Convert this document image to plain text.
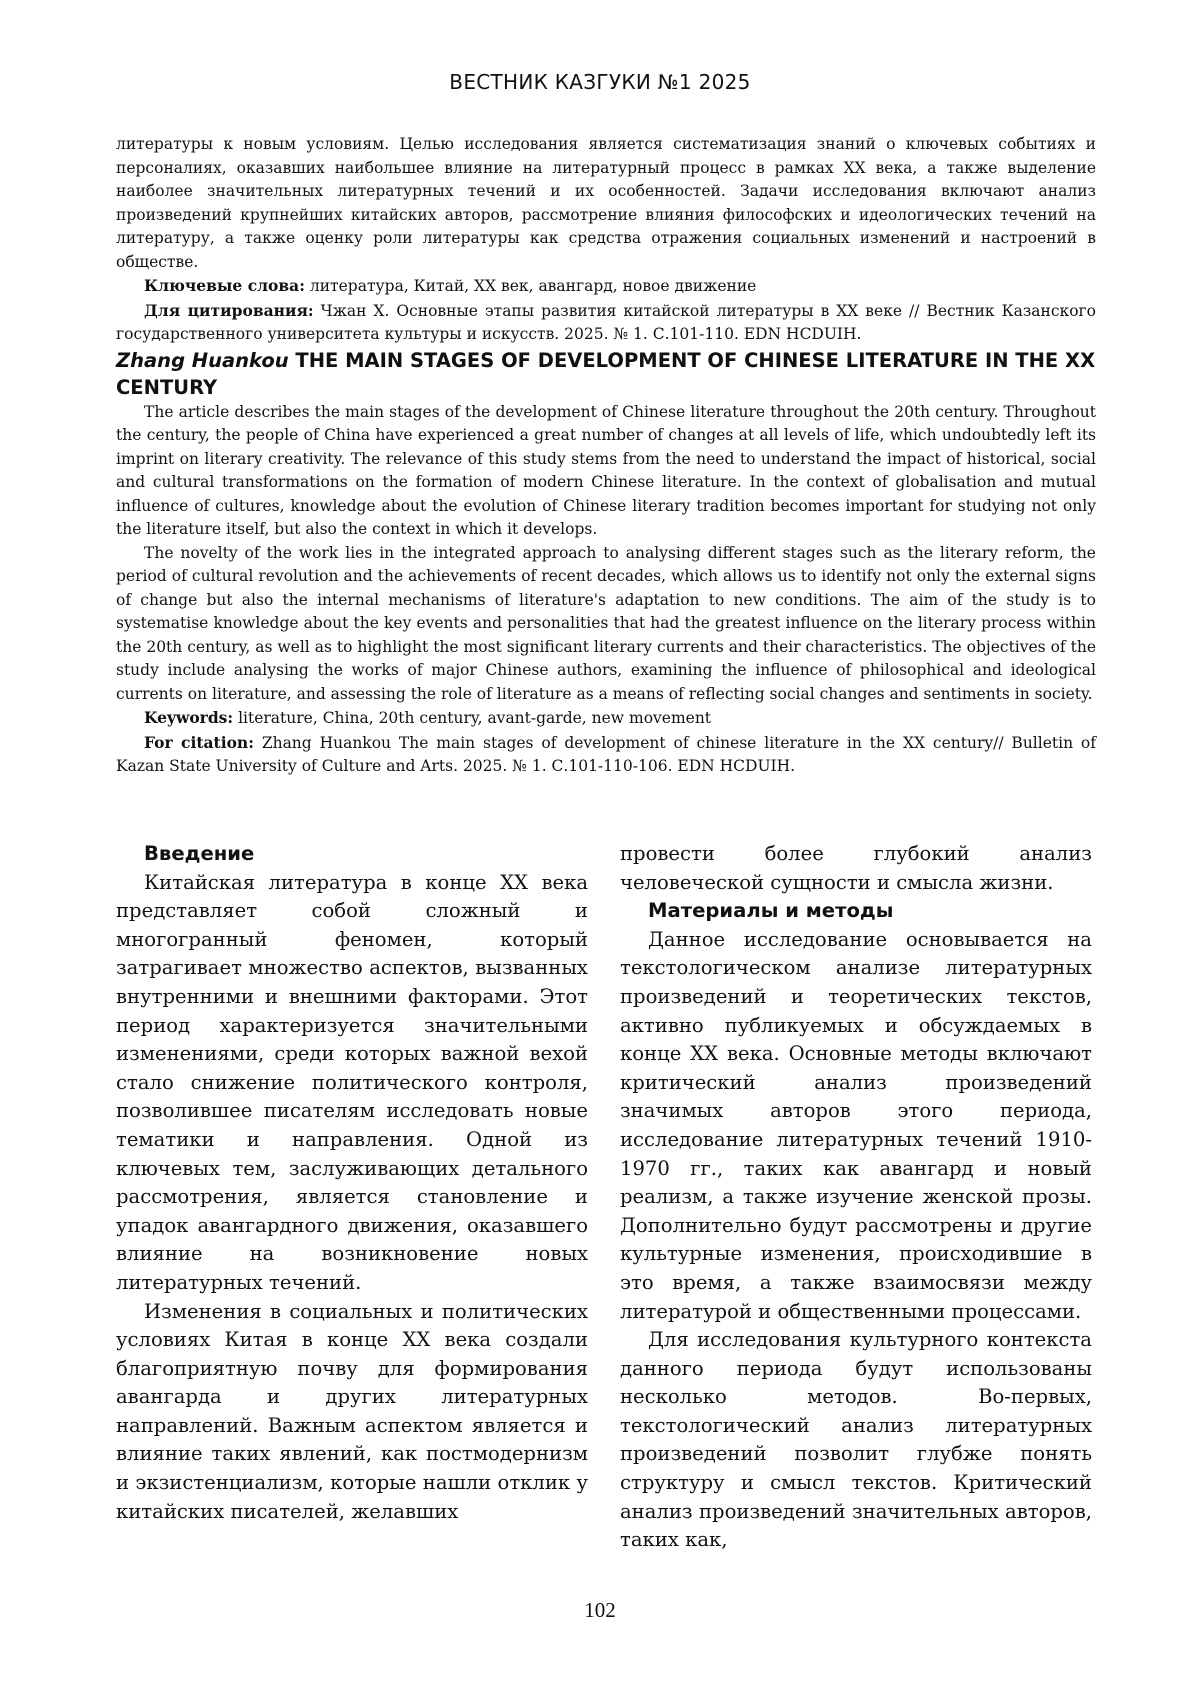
ВЕСТНИК КАЗГУКИ №1 2025

литературы к новым условиям. Целью исследования является систематизация знаний о ключевых событиях и персоналиях, оказавших наибольшее влияние на литературный процесс в рамках XX века, а также выделение наиболее значительных литературных течений и их особенностей. Задачи исследования включают анализ произведений крупнейших китайских авторов, рассмотрение влияния философских и идеологических течений на литературу, а также оценку роли литературы как средства отражения социальных изменений и настроений в обществе.

Ключевые слова: литература, Китай, XX век, авангард, новое движение

Для цитирования: Чжан Х. Основные этапы развития китайской литературы в XX веке // Вестник Казанского государственного университета культуры и искусств. 2025. № 1. С.101-110. EDN HCDUIH.

Zhang Huankou THE MAIN STAGES OF DEVELOPMENT OF CHINESE LITERATURE IN THE XX CENTURY

The article describes the main stages of the development of Chinese literature throughout the 20th century. Throughout the century, the people of China have experienced a great number of changes at all levels of life, which undoubtedly left its imprint on literary creativity. The relevance of this study stems from the need to understand the impact of historical, social and cultural transformations on the formation of modern Chinese literature. In the context of globalisation and mutual influence of cultures, knowledge about the evolution of Chinese literary tradition becomes important for studying not only the literature itself, but also the context in which it develops.

The novelty of the work lies in the integrated approach to analysing different stages such as the literary reform, the period of cultural revolution and the achievements of recent decades, which allows us to identify not only the external signs of change but also the internal mechanisms of literature's adaptation to new conditions. The aim of the study is to systematise knowledge about the key events and personalities that had the greatest influence on the literary process within the 20th century, as well as to highlight the most significant literary currents and their characteristics. The objectives of the study include analysing the works of major Chinese authors, examining the influence of philosophical and ideological currents on literature, and assessing the role of literature as a means of reflecting social changes and sentiments in society.

Keywords: literature, China, 20th century, avant-garde, new movement

For citation: Zhang Huankou The main stages of development of chinese literature in the XX century// Bulletin of Kazan State University of Culture and Arts. 2025. № 1. С.101-110-106. EDN HCDUIH.

Введение

Китайская литература в конце XX века представляет собой сложный и многогранный феномен, который затрагивает множество аспектов, вызванных внутренними и внешними факторами. Этот период характеризуется значительными изменениями, среди которых важной вехой стало снижение политического контроля, позволившее писателям исследовать новые тематики и направления. Одной из ключевых тем, заслуживающих детального рассмотрения, является становление и упадок авангардного движения, оказавшего влияние на возникновение новых литературных течений.

Изменения в социальных и политических условиях Китая в конце XX века создали благоприятную почву для формирования авангарда и других литературных направлений. Важным аспектом является и влияние таких явлений, как постмодернизм и экзистенциализм, которые нашли отклик у китайских писателей, желавших

провести более глубокий анализ человеческой сущности и смысла жизни.

Материалы и методы

Данное исследование основывается на текстологическом анализе литературных произведений и теоретических текстов, активно публикуемых и обсуждаемых в конце XX века. Основные методы включают критический анализ произведений значимых авторов этого периода, исследование литературных течений 1910-1970 гг., таких как авангард и новый реализм, а также изучение женской прозы. Дополнительно будут рассмотрены и другие культурные изменения, происходившие в это время, а также взаимосвязи между литературой и общественными процессами.

Для исследования культурного контекста данного периода будут использованы несколько методов. Во-первых, текстологический анализ литературных произведений позволит глубже понять структуру и смысл текстов. Критический анализ произведений значительных авторов, таких как,

102
